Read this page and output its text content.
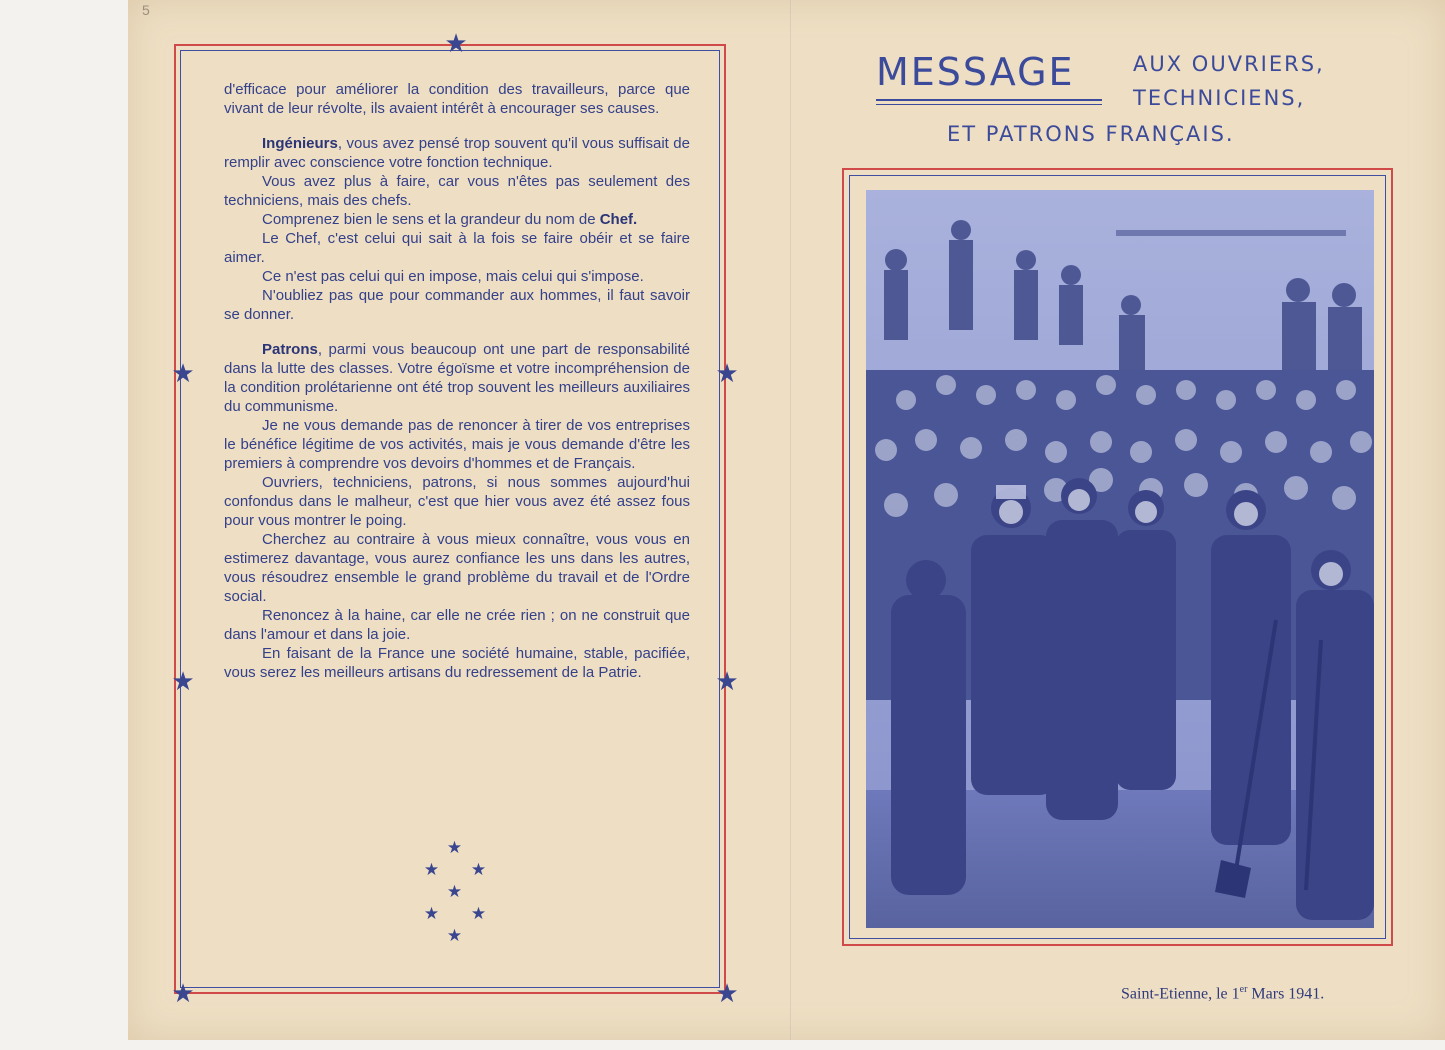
5
★
★	★
★	★
★	★
★
★ ★
★
★ ★
★

d'efficace pour améliorer la condition des travailleurs, parce que vivant de leur révolte, ils avaient intérêt à encourager ses causes.

Ingénieurs, vous avez pensé trop souvent qu'il vous suffisait de remplir avec conscience votre fonction technique.

Vous avez plus à faire, car vous n'êtes pas seulement des techniciens, mais des chefs.

Comprenez bien le sens et la grandeur du nom de Chef.

Le Chef, c'est celui qui sait à la fois se faire obéir et se faire aimer.

Ce n'est pas celui qui en impose, mais celui qui s'impose.

N'oubliez pas que pour commander aux hommes, il faut savoir se donner.

Patrons, parmi vous beaucoup ont une part de responsabilité dans la lutte des classes. Votre égoïsme et votre incompréhension de la condition prolétarienne ont été trop souvent les meilleurs auxiliaires du communisme.

Je ne vous demande pas de renoncer à tirer de vos entreprises le bénéfice légitime de vos activités, mais je vous demande d'être les premiers à comprendre vos devoirs d'hommes et de Français.

Ouvriers, techniciens, patrons, si nous sommes aujourd'hui confondus dans le malheur, c'est que hier vous avez été assez fous pour vous montrer le poing.

Cherchez au contraire à vous mieux connaître, vous vous en estimerez davantage, vous aurez confiance les uns dans les autres, vous résoudrez ensemble le grand problème du travail et de l'Ordre social.

Renoncez à la haine, car elle ne crée rien ; on ne construit que dans l'amour et dans la joie.

En faisant de la France une société humaine, stable, pacifiée, vous serez les meilleurs artisans du redressement de la Patrie.

MESSAGE	AUX OUVRIERS,
TECHNICIENS,
ET PATRONS FRANÇAIS.
Saint-Etienne, le 1er Mars 1941.
